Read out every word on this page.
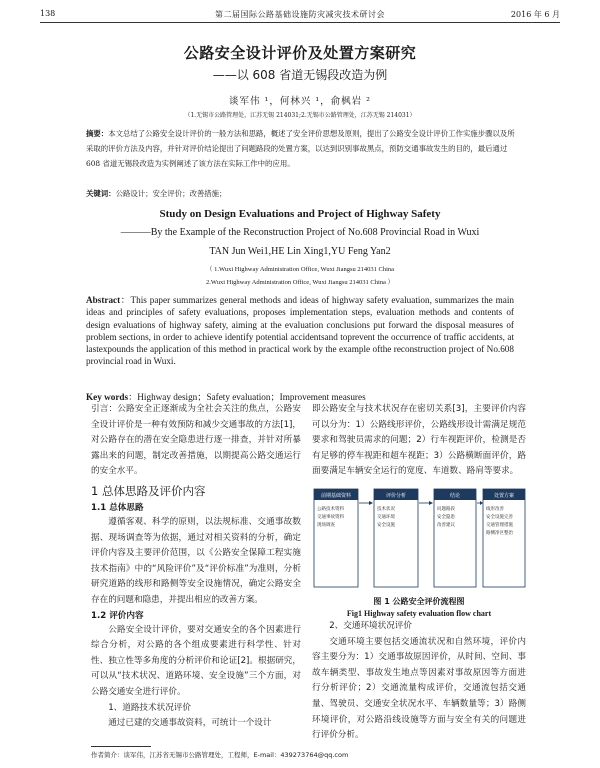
138	第二届国际公路基础设施防灾减灾技术研讨会	2016 年 6 月
公路安全设计评价及处置方案研究
——以 608 省道无锡段改造为例
谈军伟 ¹，何林兴 ¹，俞枫岩 ²
（1.无锡市公路管理处，江苏无锡 214031;2.无锡市公路管理处，江苏无锡 214031）
摘要：本文总结了公路安全设计评价的一般方法和思路，概述了安全评价思想及原则，提出了公路安全设计评价工作实施步骤以及所采取的评价方法及内容，并针对评价结论提出了问题路段的处置方案，以达到识别事故黑点，预防交通事故发生的目的，最后通过 608 省道无锡段改造为实例阐述了该方法在实际工作中的应用。
关键词：公路设计；安全评价；改善措施；
Study on Design Evaluations and Project of Highway Safety
———By the Example of the Reconstruction Project of No.608 Provincial Road in Wuxi
TAN Jun Wei1,HE Lin Xing1,YU Feng Yan2
（ 1.Wuxi Highway Administration Office, Wuxi Jiangsu 214031 China
2.Wuxi Highway Administration Office, Wuxi Jiangsu 214031 China ）
Abstract：This paper summarizes general methods and ideas of highway safety evaluation, summarizes the main ideas and principles of safety evaluations, proposes implementation steps, evaluation methods and contents of design evaluations of highway safety, aiming at the evaluation conclusions put forward the disposal measures of problem sections, in order to achieve identify potential accidentsand toprevent the occurrence of traffic accidents, at lastexpounds the application of this method in practical work by the example ofthe reconstruction project of No.608 provincial road in Wuxi.
Key words：Highway design；Safety evaluation；Improvement measures

引言：公路安全正逐渐成为全社会关注的焦点，公路安全设计评价是一种有效预防和减少交通事故的方法[1]，对公路存在的潜在安全隐患进行逐一排查，并针对所暴露出来的问题，制定改善措施，以期提高公路交通运行的安全水平。

1 总体思路及评价内容
1.1 总体思路

遵循客观、科学的原则，以法规标准、交通事故数据、现场调查等为依据，通过对相关资料的分析，确定评价内容及主要评价范围，以《公路安全保障工程实施技术指南》中的“风险评价”及“评价标准”为准则，分析研究道路的线形和路侧等安全设施情况，确定公路安全存在的问题和隐患，并提出相应的改善方案。

1.2 评价内容

公路安全设计评价，要对交通安全的各个因素进行综合分析，对公路的各个组成要素进行科学性、针对性、独立性等多角度的分析评价和论证[2]。根据研究，可以从“技术状况、道路环境、安全设施”三个方面，对公路交通安全进行评价。

1、道路技术状况评价

通过已建的交通事故资料，可统计一个设计

即公路安全与技术状况存在密切关系[3]，主要评价内容可以分为：1）公路线形评价，公路线形设计需满足规范要求和驾驶员需求的问题；2）行车视距评价，检测是否有足够的停车视距和超车视距；3）公路横断面评价，路面要满足车辆安全运行的宽度、车道数、路肩等要求。

前期基础资料
公路技术资料
交通事故资料
现场调查
评价分析
技术状况
交通环境
安全设施
结论
问题路段
安全隐患
改善建议
处置方案
线形改善
安全设施完善
交通管理措施
路侧净区整治
图 1 公路安全评价流程图
Fig1 Highway safety evaluation flow chart
2、交通环境状况评价

交通环境主要包括交通流状况和自然环境，评价内容主要分为：1）交通事故原因评价，从时间、空间、事故车辆类型、事故发生地点等因素对事故原因等方面进行分析评价；2）交通流量构成评价，交通流包括交通量、驾驶员、交通安全状况水平、车辆数量等；3）路侧环境评价，对公路沿线设施等方面与安全有关的问题进行评价分析。

作者简介：谈军伟，江苏省无锡市公路管理处，工程师，E-mail：439273764@qq.com
